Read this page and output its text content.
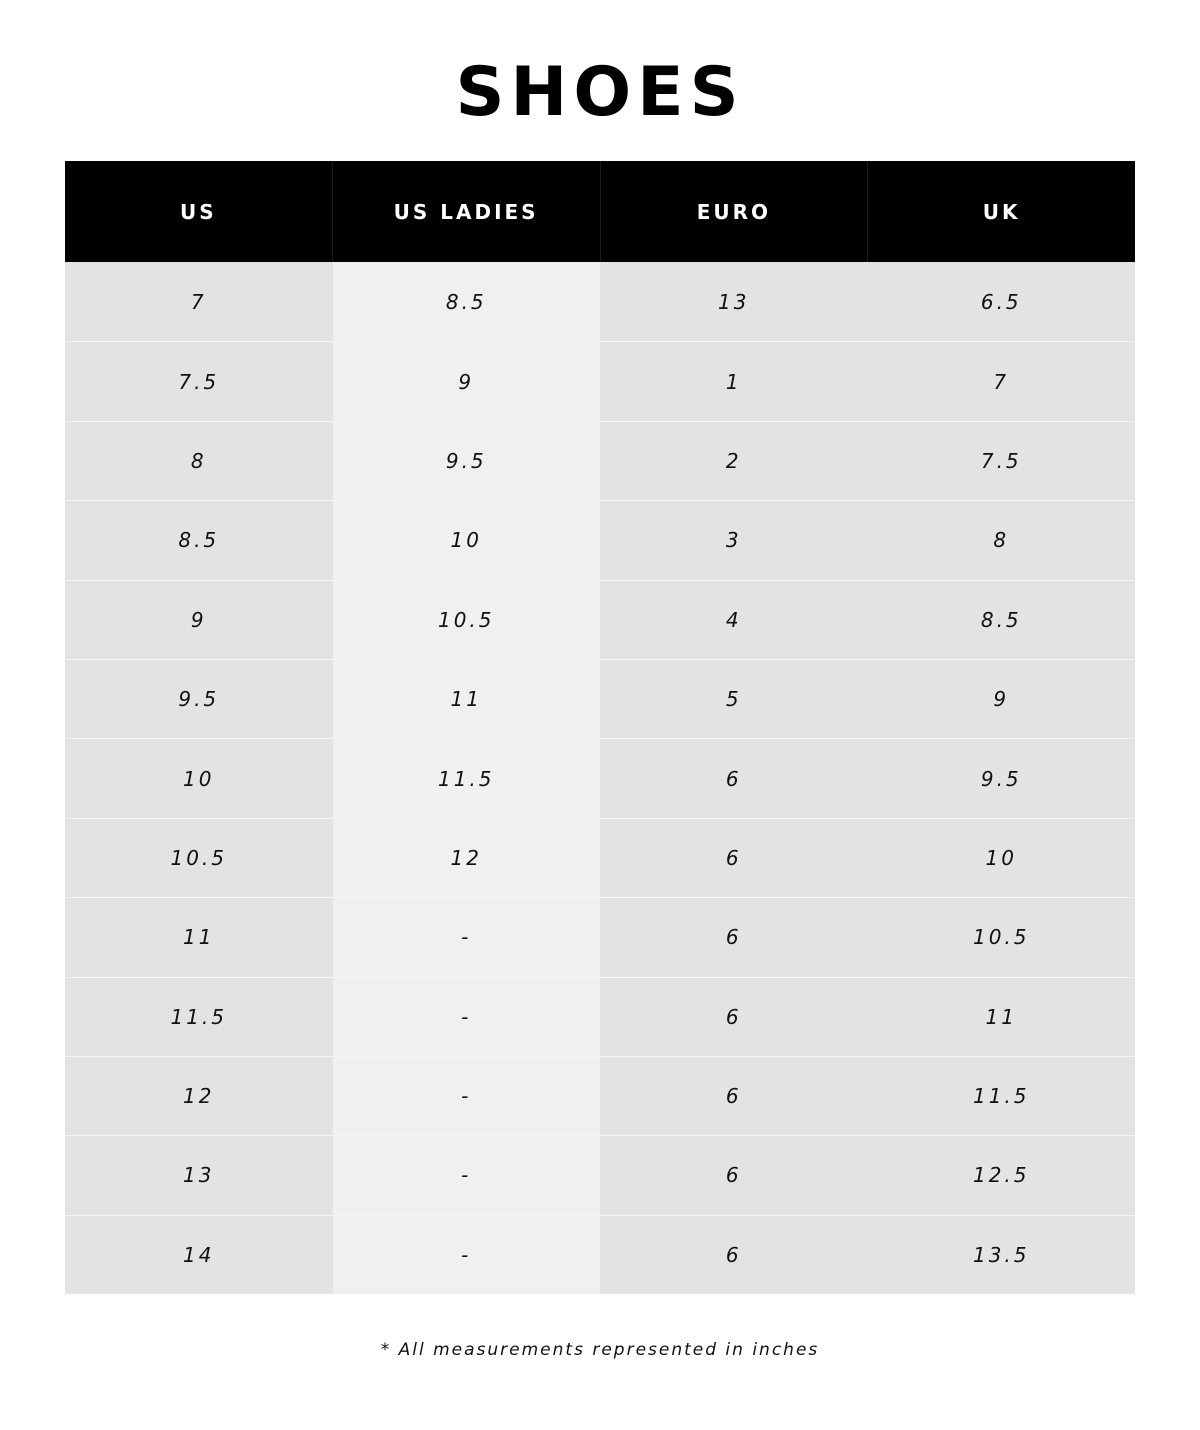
SHOES
US	US LADIES	EURO	UK
7	8.5	13	6.5
7.5	9	1	7
8	9.5	2	7.5
8.5	10	3	8
9	10.5	4	8.5
9.5	11	5	9
10	11.5	6	9.5
10.5	12	6	10
11	-	6	10.5
11.5	-	6	11
12	-	6	11.5
13	-	6	12.5
14	-	6	13.5
* All measurements represented in inches
